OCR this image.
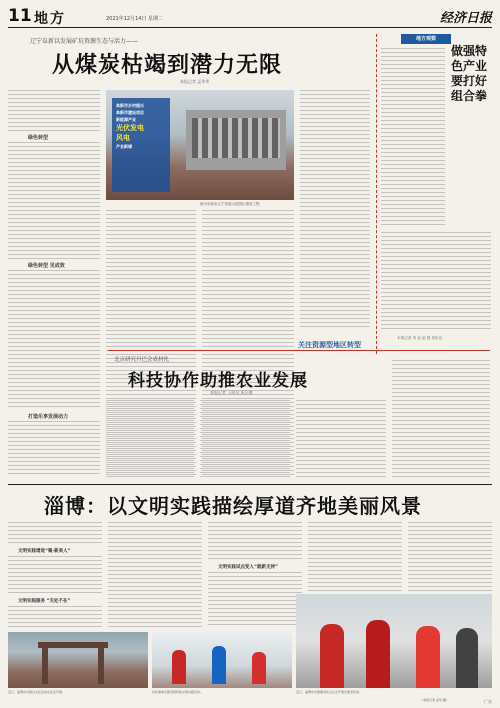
11 地方	2021年12月14日 星期二	经济日报
辽宁阜新以发展矿坑资源生态与活力——
从煤炭枯竭到潜力无限
本报记者 孟华华
绿色转型
绿色转型 见成效
打造乐享发展动力
阜新市乡村振兴
阜新市建设项目
新能源产业
光伏发电
风电
产业新增
图为阜新市辽宁发展示范园区建设工程
地方观察
做强特色产业
要打好组合拳
本报记者 李 炎 赵 强 刘乐乐
关注资源型地区转型
北京研究丹巴会成材化
科技协作助推农业发展
本报记者 王照吴 朱汪楼
淄博：以文明实践描绘厚道齐地美丽风景
文明实践增进“聚·新美人”
文明实践服务 “无处不在”
文明实践试点变人“就新支持”
近日，淄博乡村振兴文化活动在社区开展。	村民参加志愿者组织的文明实践活动。	近日，淄博市志愿服务队员正在开展志愿者培训。
（本报记者 孟华 摄）	广东
